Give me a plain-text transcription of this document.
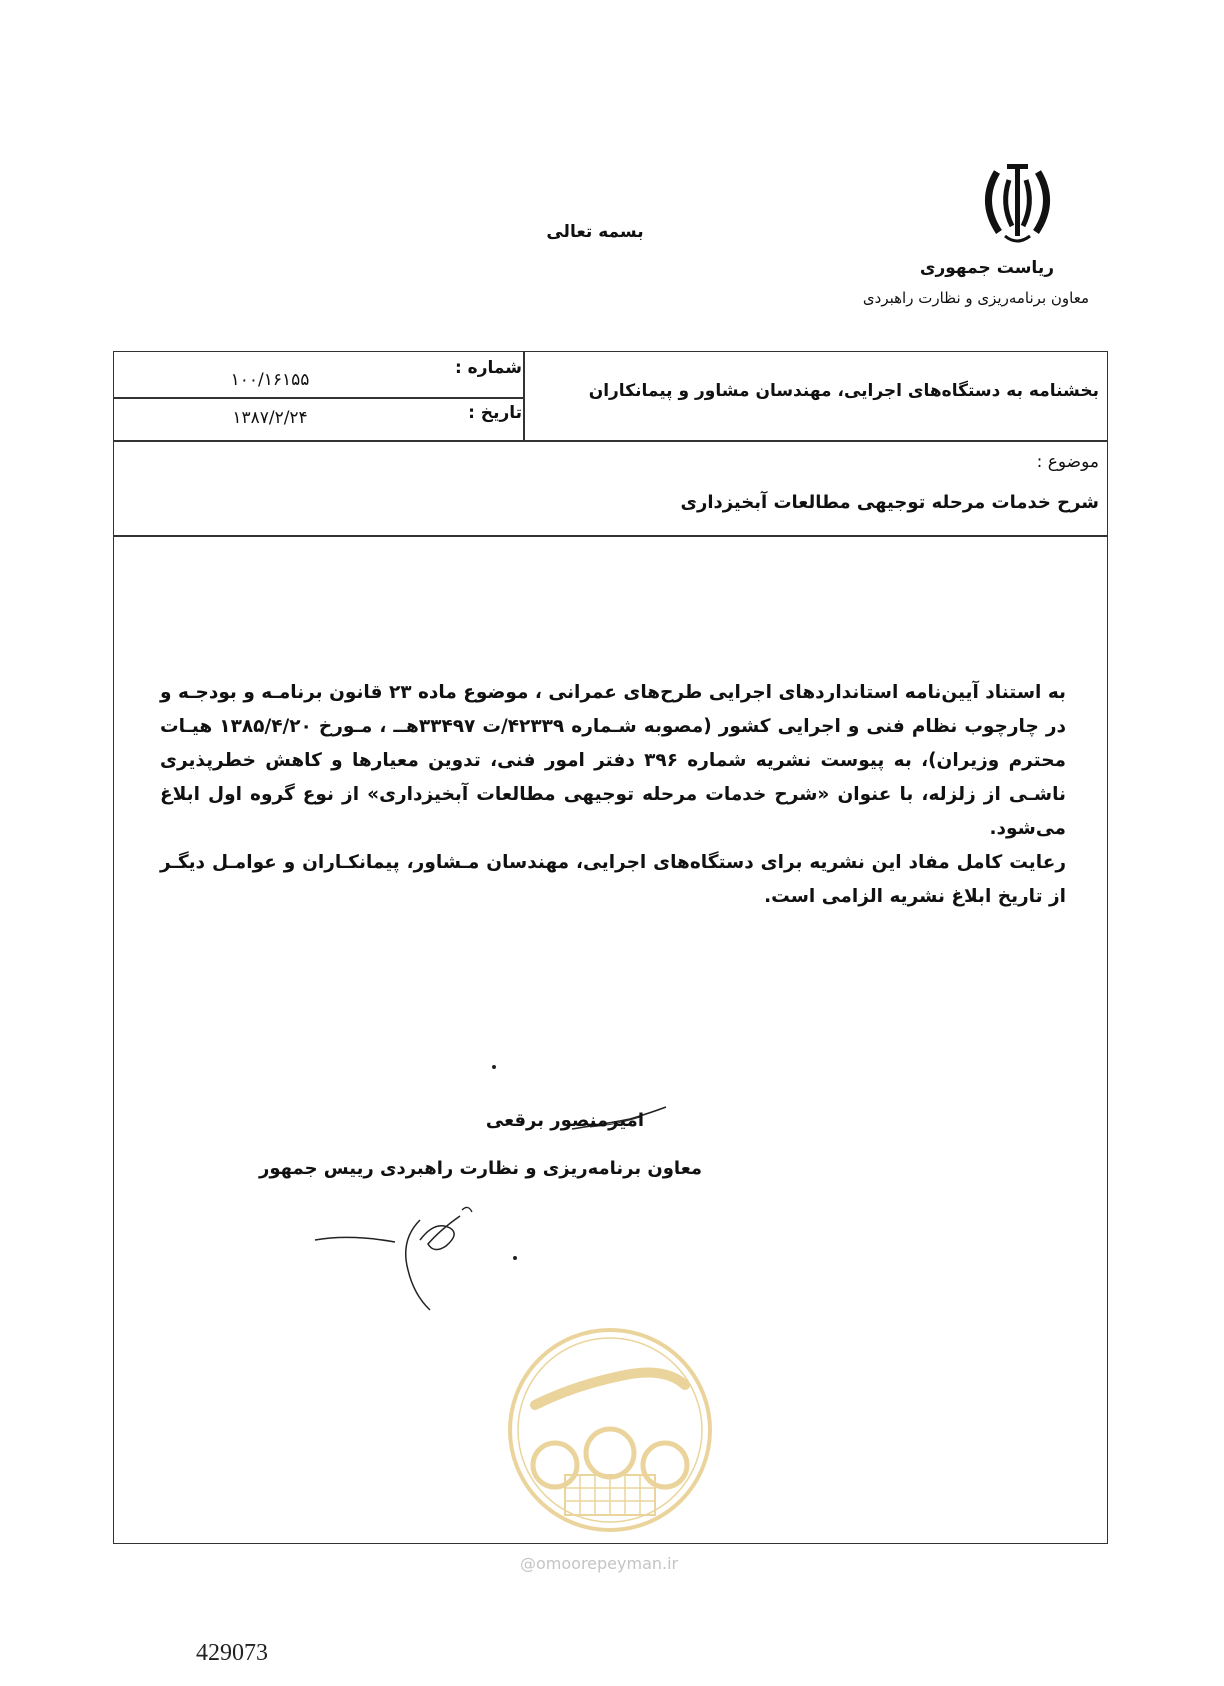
بسمه تعالی
ریاست جمهوری
معاون برنامه‌ریزی و نظارت راهبردی
بخشنامه به دستگاه‌های اجرایی، مهندسان مشاور و پیمانکاران
شماره :
۱۰۰/۱۶۱۵۵
تاریخ :
۱۳۸۷/۲/۲۴
موضوع :
شرح خدمات مرحله توجیهی مطالعات آبخیزداری

به استناد آیین‌نامه استانداردهای اجرایی طرح‌های عمرانی ، موضوع ماده ۲۳ قانون برنامـه و بودجـه و در چارچوب نظام فنی و اجرایی کشور (مصوبه شـماره ۴۲۳۳۹/ت ۳۳۴۹۷هــ ، مـورخ ۱۳۸۵/۴/۲۰ هیـات محترم وزیران)، به پیوست نشریه شماره ۳۹۶ دفتر امور فنی، تدوین معیارها و کاهش خطرپذیری ناشـی از زلزله، با عنوان «شرح خدمات مرحله توجیهی مطالعات آبخیزداری» از نوع گروه اول ابلاغ می‌شود.

رعایت کامل مفاد این نشریه برای دستگاه‌های اجرایی، مهندسان مـشاور، پیمانکـاران و عوامـل دیگـر از تاریخ ابلاغ نشریه الزامی است.

امیرمنصور برقعی
معاون برنامه‌ریزی و نظارت راهبردی رییس جمهور
@omoorepeyman.ir
429073
